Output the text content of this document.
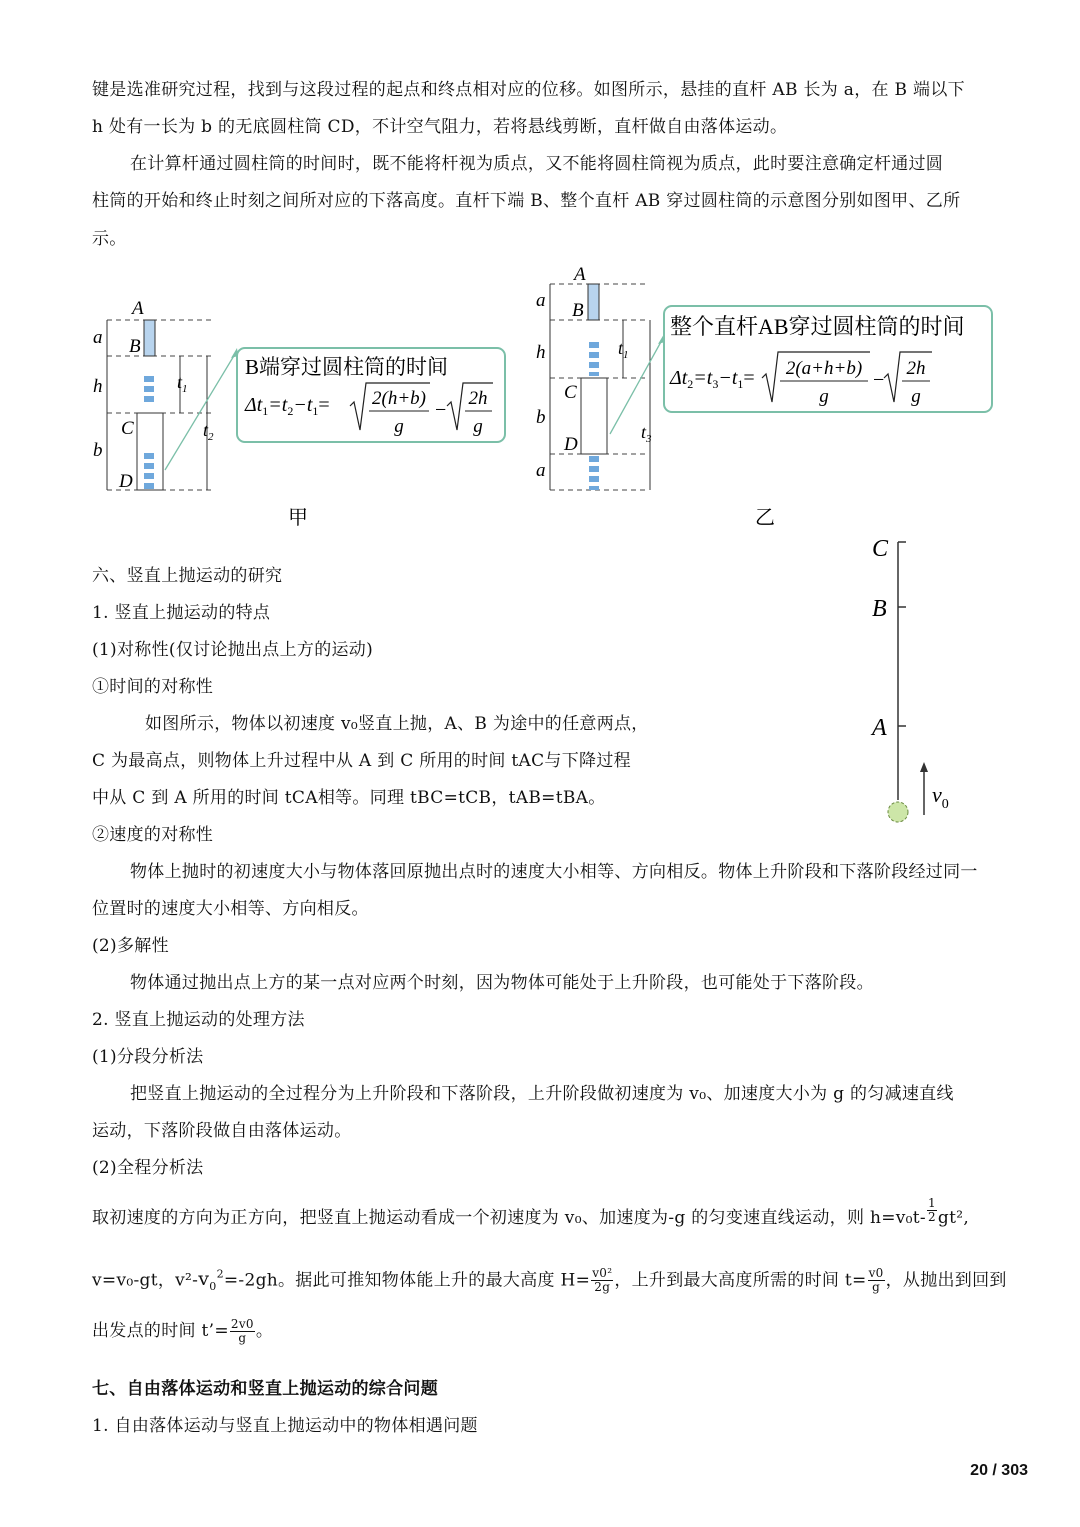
键是选准研究过程，找到与这段过程的起点和终点相对应的位移。如图所示，悬挂的直杆 AB 长为 a，在 B 端以下
h 处有一长为 b 的无底圆柱筒 CD，不计空气阻力，若将悬线剪断，直杆做自由落体运动。
在计算杆通过圆柱筒的时间时，既不能将杆视为质点，又不能将圆柱筒视为质点，此时要注意确定杆通过圆
柱筒的开始和终止时刻之间所对应的下落高度。直杆下端 B、整个直杆 AB 穿过圆柱筒的示意图分别如图甲、乙所
示。
A
B
C
D
a
h
b
$t_1$
$t_2$
B端穿过圆柱筒的时间
$\Delta t_1=t_2-t_1= 2(h+b)$
g
−
2h
g
甲
A
B
C
D
a
h
b
a
$t_1$
$t_3$
整个直杆AB穿过圆柱筒的时间
$\Delta t_2=t_3-t_1= 2(a+h+b)$
g
−
2h
g
乙
C
B
A
$v_0$
六、竖直上抛运动的研究
1. 竖直上抛运动的特点
(1)对称性(仅讨论抛出点上方的运动)
①时间的对称性
如图所示，物体以初速度 v₀竖直上抛，A、B 为途中的任意两点，
C 为最高点，则物体上升过程中从 A 到 C 所用的时间 tAC与下降过程
中从 C 到 A 所用的时间 tCA相等。同理 tBC=tCB，tAB=tBA。
②速度的对称性
物体上抛时的初速度大小与物体落回原抛出点时的速度大小相等、方向相反。物体上升阶段和下落阶段经过同一
位置时的速度大小相等、方向相反。
(2)多解性
物体通过抛出点上方的某一点对应两个时刻，因为物体可能处于上升阶段，也可能处于下落阶段。
2. 竖直上抛运动的处理方法
(1)分段分析法
把竖直上抛运动的全过程分为上升阶段和下落阶段，上升阶段做初速度为 v₀、加速度大小为 g 的匀减速直线
运动，下落阶段做自由落体运动。
(2)全程分析法
取初速度的方向为正方向，把竖直上抛运动看成一个初速度为 v₀、加速度为-g 的匀变速直线运动，则 $h=v_0t- \frac{1}{2} gt^2$,
v=v₀-gt，$v^2-v_0^2=-2gh$。据此可推知物体能上升的最大高度 $H= \frac{\text{v0²}}{2g}$ ，上升到最大高度所需的时间 $t= \frac{v0}{g}$ ，从抛出到回到
出发点的时间 t’= $\frac{2v0}{g}$ 。
七、自由落体运动和竖直上抛运动的综合问题
1. 自由落体运动与竖直上抛运动中的物体相遇问题
20 / 303
